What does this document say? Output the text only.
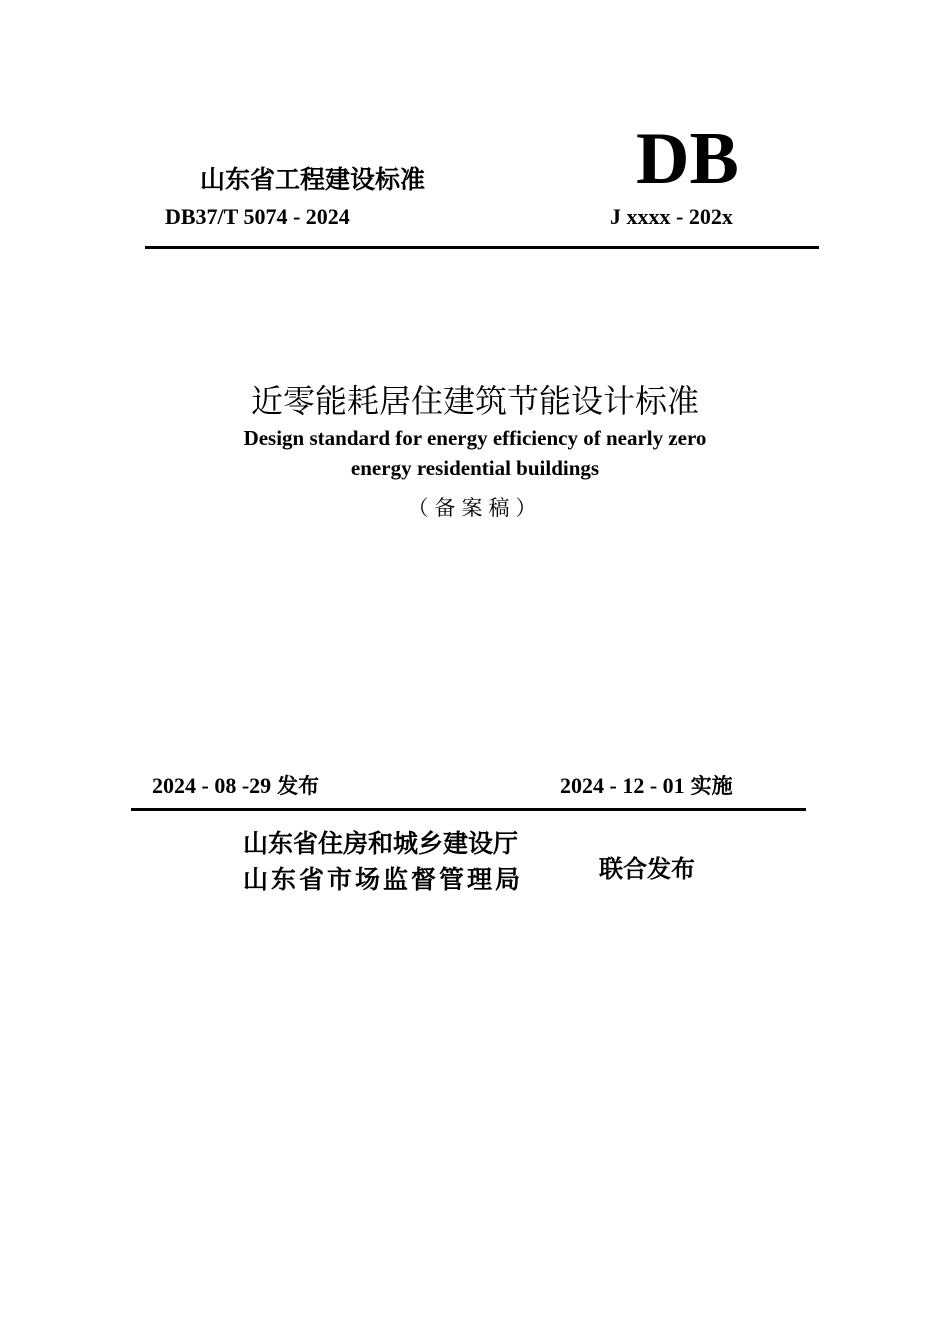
山东省工程建设标准	DB
DB37/T 5074 - 2024	J xxxx - 202x
近零能耗居住建筑节能设计标准
Design standard for energy efficiency of nearly zero
energy residential buildings
（备案稿）
2024 - 08 -29 发布	2024 - 12 - 01 实施
山东省住房和城乡建设厅
山东省市场监督管理局	联合发布
